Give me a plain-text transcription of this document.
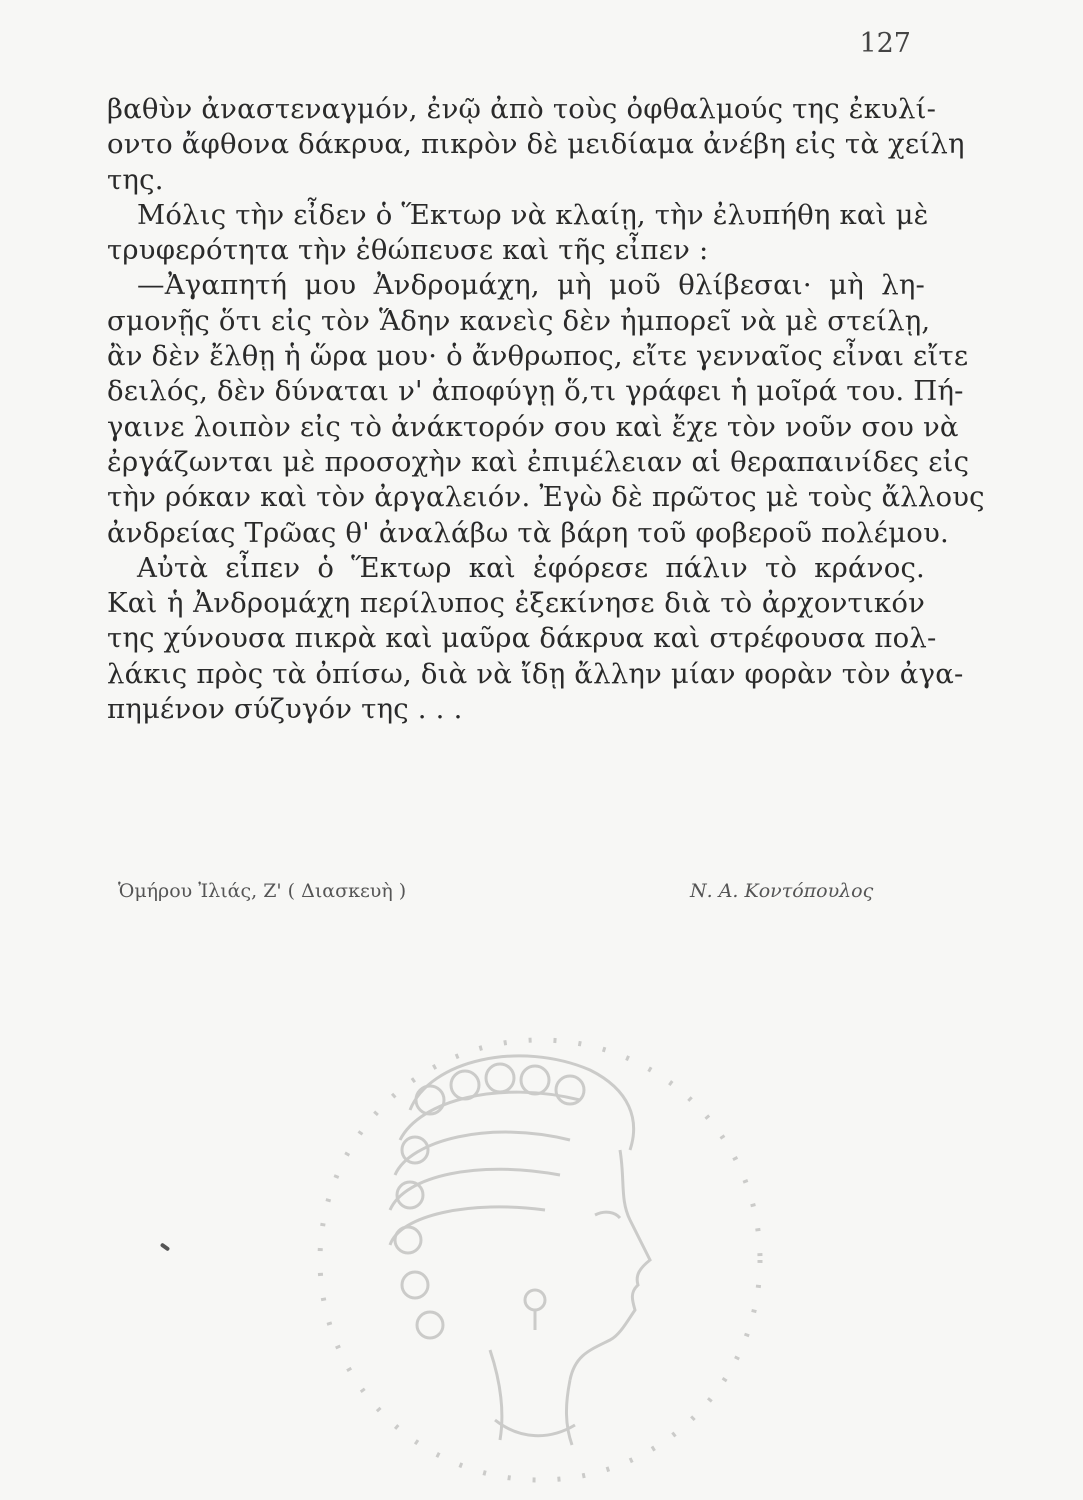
127
βαθὺν ἀναστεναγμόν, ἐνῷ ἀπὸ τοὺς ὀφθαλμούς της ἐκυλί-
οντο ἄφθονα δάκρυα, πικρὸν δὲ μειδίαμα ἀνέβη εἰς τὰ χείλη
της.
Μόλις τὴν εἶδεν ὁ Ἕκτωρ νὰ κλαίῃ, τὴν ἐλυπήθη καὶ μὲ
τρυφερότητα τὴν ἐθώπευσε καὶ τῆς εἶπεν :
—Ἀγαπητή μου Ἀνδρομάχη, μὴ μοῦ θλίβεσαι· μὴ λη-
σμονῇς ὅτι εἰς τὸν Ἅδην κανεὶς δὲν ἠμπορεῖ νὰ μὲ στείλῃ,
ἂν δὲν ἔλθῃ ἡ ὥρα μου· ὁ ἄνθρωπος, εἴτε γενναῖος εἶναι εἴτε
δειλός, δὲν δύναται ν' ἀποφύγῃ ὅ,τι γράφει ἡ μοῖρά του. Πή-
γαινε λοιπὸν εἰς τὸ ἀνάκτορόν σου καὶ ἔχε τὸν νοῦν σου νὰ
ἐργάζωνται μὲ προσοχὴν καὶ ἐπιμέλειαν αἱ θεραπαινίδες εἰς
τὴν ρόκαν καὶ τὸν ἀργαλειόν. Ἐγὼ δὲ πρῶτος μὲ τοὺς ἄλλους
ἀνδρείας Τρῶας θ' ἀναλάβω τὰ βάρη τοῦ φοβεροῦ πολέμου.
Αὐτὰ εἶπεν ὁ Ἕκτωρ καὶ ἐφόρεσε πάλιν τὸ κράνος.
Καὶ ἡ Ἀνδρομάχη περίλυπος ἐξεκίνησε διὰ τὸ ἀρχοντικόν
της χύνουσα πικρὰ καὶ μαῦρα δάκρυα καὶ στρέφουσα πολ-
λάκις πρὸς τὰ ὀπίσω, διὰ νὰ ἴδῃ ἄλλην μίαν φορὰν τὸν ἀγα-
πημένον σύζυγόν της . . .
Ὁμήρου Ἰλιάς, Ζ' ( Διασκευὴ )	Ν. Α. Κοντόπουλος
